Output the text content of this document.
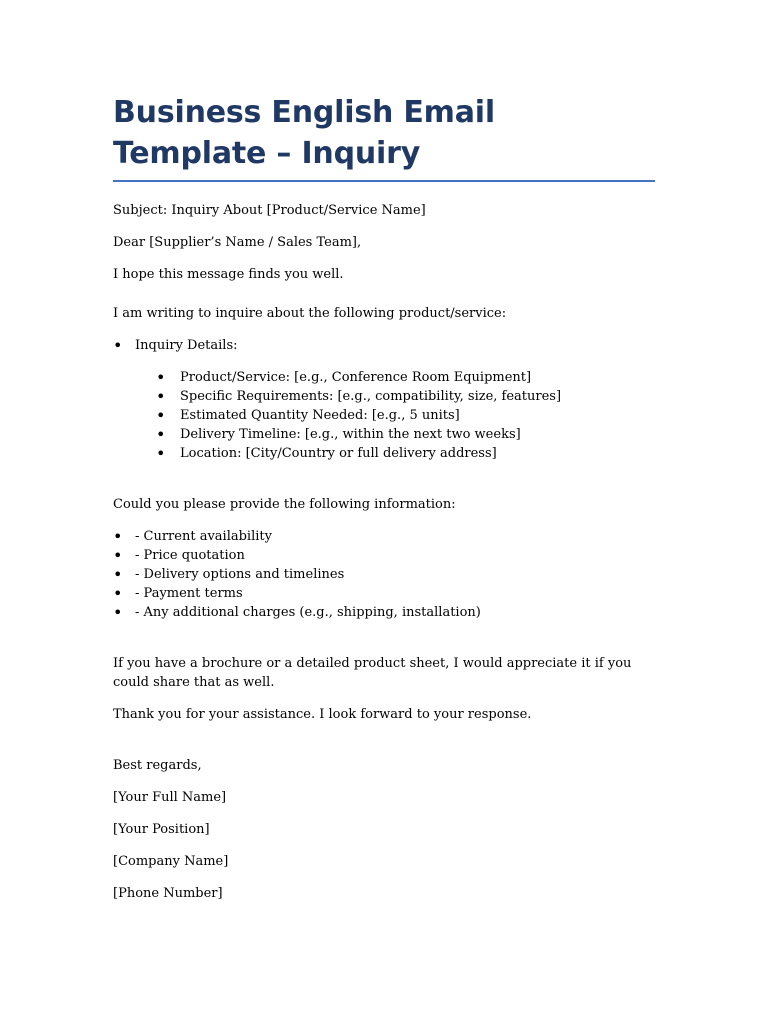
Business English Email Template – Inquiry

Subject: Inquiry About [Product/Service Name]

Dear [Supplier’s Name / Sales Team],

I hope this message finds you well.

I am writing to inquire about the following product/service:

• Inquiry Details:
• Product/Service: [e.g., Conference Room Equipment]
• Specific Requirements: [e.g., compatibility, size, features]
• Estimated Quantity Needed: [e.g., 5 units]
• Delivery Timeline: [e.g., within the next two weeks]
• Location: [City/Country or full delivery address]

Could you please provide the following information:

• - Current availability
• - Price quotation
• - Delivery options and timelines
• - Payment terms
• - Any additional charges (e.g., shipping, installation)

If you have a brochure or a detailed product sheet, I would appreciate it if you could share that as well.

Thank you for your assistance. I look forward to your response.

Best regards,

[Your Full Name]

[Your Position]

[Company Name]

[Phone Number]
